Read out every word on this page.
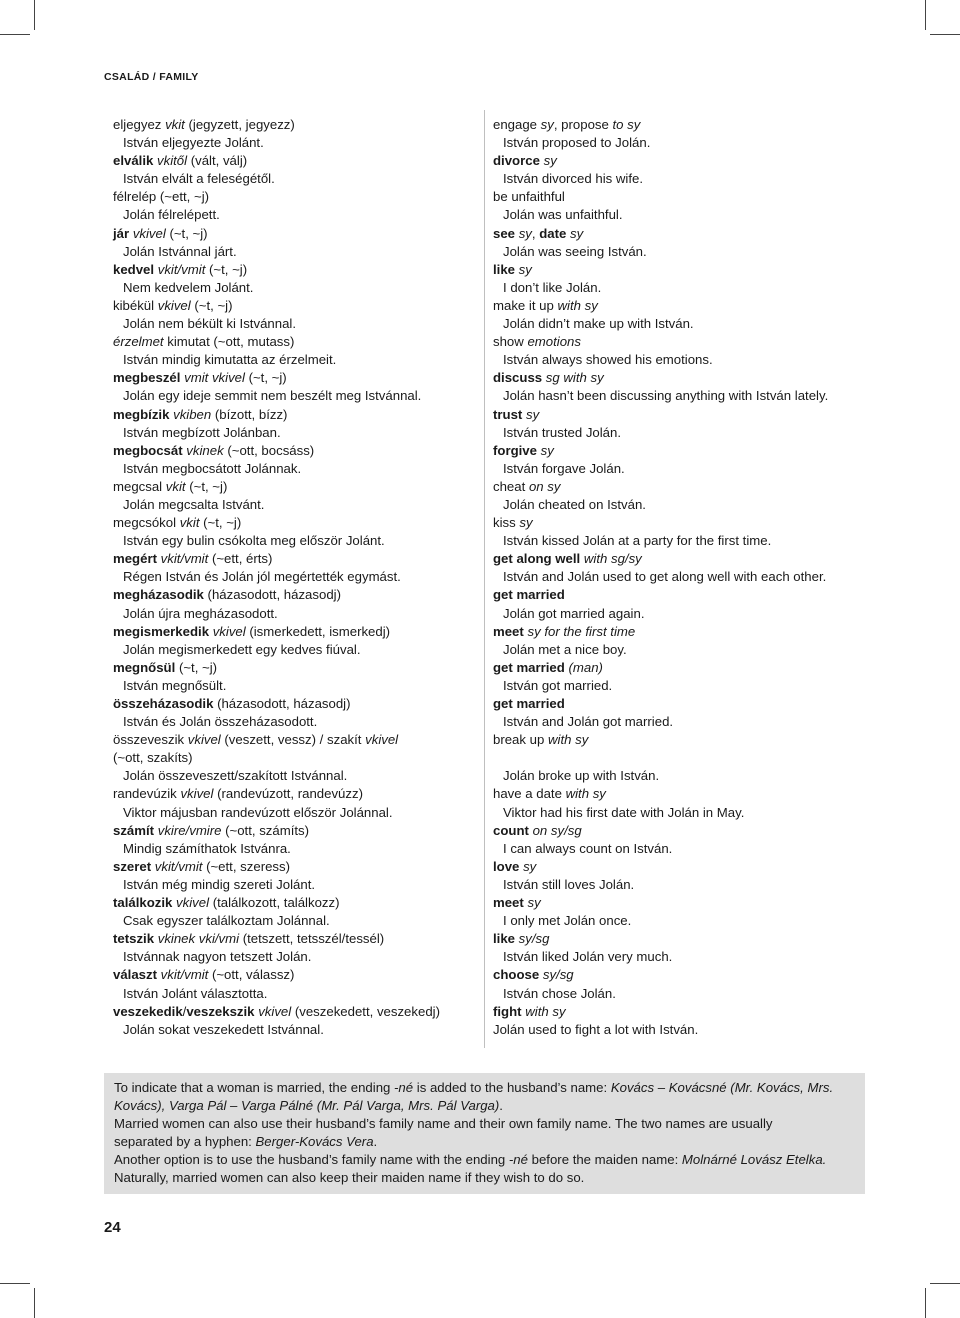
CSALÁD / FAMILY
eljegyez vkit (jegyzett, jegyezz)
István eljegyezte Jolánt.
elválik vkitől (vált, válj)
István elvált a feleségétől.
félrelép (~ett, ~j)
Jolán félrelépett.
jár vkivel (~t, ~j)
Jolán Istvánnal járt.
kedvel vkit/vmit (~t, ~j)
Nem kedvelem Jolánt.
kibékül vkivel (~t, ~j)
Jolán nem békült ki Istvánnal.
érzelmet kimutat (~ott, mutass)
István mindig kimutatta az érzelmeit.
megbeszél vmit vkivel (~t, ~j)
Jolán egy ideje semmit nem beszélt meg Istvánnal.
megbízik vkiben (bízott, bízz)
István megbízott Jolánban.
megbocsát vkinek (~ott, bocsáss)
István megbocsátott Jolánnak.
megcsal vkit (~t, ~j)
Jolán megcsalta Istvánt.
megcsókol vkit (~t, ~j)
István egy bulin csókolta meg először Jolánt.
megért vkit/vmit (~ett, érts)
Régen István és Jolán jól megértették egymást.
megházasodik (házasodott, házasodj)
Jolán újra megházasodott.
megismerkedik vkivel (ismerkedett, ismerkedj)
Jolán megismerkedett egy kedves fiúval.
megnősül (~t, ~j)
István megnősült.
összeházasodik (házasodott, házasodj)
István és Jolán összeházasodott.
összeveszik vkivel (veszett, vessz) / szakít vkivel
(~ott, szakíts)
Jolán összeveszett/szakított Istvánnal.
randevúzik vkivel (randevúzott, randevúzz)
Viktor májusban randevúzott először Jolánnal.
számít vkire/vmire (~ott, számíts)
Mindig számíthatok Istvánra.
szeret vkit/vmit (~ett, szeress)
István még mindig szereti Jolánt.
találkozik vkivel (találkozott, találkozz)
Csak egyszer találkoztam Jolánnal.
tetszik vkinek vki/vmi (tetszett, tetsszél/tessél)
Istvánnak nagyon tetszett Jolán.
választ vkit/vmit (~ott, válassz)
István Jolánt választotta.
veszekedik/veszekszik vkivel (veszekedett, veszekedj)
Jolán sokat veszekedett Istvánnal.
engage sy, propose to sy
István proposed to Jolán.
divorce sy
István divorced his wife.
be unfaithful
Jolán was unfaithful.
see sy, date sy
Jolán was seeing István.
like sy
I don’t like Jolán.
make it up with sy
Jolán didn’t make up with István.
show emotions
István always showed his emotions.
discuss sg with sy
Jolán hasn’t been discussing anything with István lately.
trust sy
István trusted Jolán.
forgive sy
István forgave Jolán.
cheat on sy
Jolán cheated on István.
kiss sy
István kissed Jolán at a party for the first time.
get along well with sg/sy
István and Jolán used to get along well with each other.
get married
Jolán got married again.
meet sy for the first time
Jolán met a nice boy.
get married (man)
István got married.
get married
István and Jolán got married.
break up with sy
Jolán broke up with István.
have a date with sy
Viktor had his first date with Jolán in May.
count on sy/sg
I can always count on István.
love sy
István still loves Jolán.
meet sy
I only met Jolán once.
like sy/sg
István liked Jolán very much.
choose sy/sg
István chose Jolán.
fight with sy
Jolán used to fight a lot with István.
To indicate that a woman is married, the ending -né is added to the husband’s name: Kovács – Kovácsné (Mr. Kovács, Mrs.
Kovács), Varga Pál – Varga Pálné (Mr. Pál Varga, Mrs. Pál Varga).
Married women can also use their husband’s family name and their own family name. The two names are usually
separated by a hyphen: Berger-Kovács Vera.
Another option is to use the husband’s family name with the ending -né before the maiden name: Molnárné Lovász Etelka.
Naturally, married women can also keep their maiden name if they wish to do so.
24
